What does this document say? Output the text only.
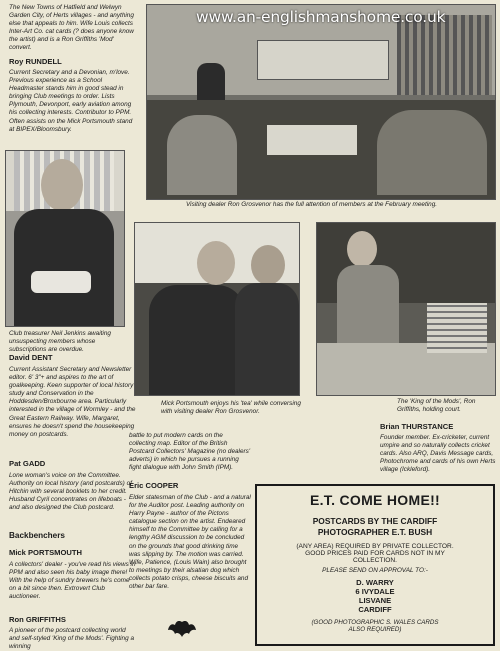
The New Towns of Hatfield and Welwyn Garden City, of Herts villages - and anything else that appeals to him. Wife Louis collects Inter-Art Co. cat cards (? does anyone know the artist) and is a Ron Griffiths 'Mod' convert.
Roy RUNDELL
Current Secretary and a Devonian, m'love. Previous experience as a School Headmaster stands him in good stead in bringing Club meetings to order. Lists Plymouth, Devonport, early aviation among his collecting interests. Contributor to PPM. Often assists on the Mick Portsmouth stand at BIPEX/Bloomsbury.
Club treasurer Neil Jenkins awaiting unsuspecting members whose subscriptions are overdue.
David DENT
Current Assistant Secretary and Newsletter editor. 6' 3"+ and aspires to the art of goalkeeping. Keen supporter of local history study and Conservation in the Hoddesden/Broxbourne area. Particularly interested in the village of Wormley - and the Great Eastern Railway. Wife, Margaret, ensures he doesn't spend the housekeeping money on postcards.
Pat GADD
Lone woman's voice on the Committee. Authority on local history (and postcards) of Hitchin with several booklets to her credit. Husband Cyril concentrates on lifeboats - and also designed the Club postcard.
Backbenchers
Mick PORTSMOUTH
A collectors' dealer - you've read his views in PPM and also seen his baby image there! With the help of sundry brewers he's come on a bit since then. Extrovert Club auctioneer.
Ron GRIFFITHS
A pioneer of the postcard collecting world and self-styled 'King of the Mods'. Fighting a winning
www.an-englishmanshome.co.uk
Visiting dealer Ron Grosvenor has the full attention of members at the February meeting.
Mick Portsmouth enjoys his 'tea' while conversing with visiting dealer Ron Grosvenor.
The 'King of the Mods', Ron Griffiths, holding court.
battle to put modern cards on the collecting map. Editor of the British Postcard Collectors' Magazine (no dealers' adverts) in which he pursues a running fight dialogue with John Smith (IPM).
Eric COOPER
Elder statesman of the Club - and a natural for the Auditor post. Leading authority on Harry Payne - author of the Pictons catalogue section on the artist. Endeared himself to the Committee by calling for a lengthy AGM discussion to be concluded on the grounds that good drinking time was slipping by. The motion was carried. Wife, Patience, (Louis Wain) also brought to meetings by their alsatian dog which collects potato crisps, cheese biscuits and other bar fare.
Brian THURSTANCE
Founder member. Ex-cricketer, current umpire and so naturally collects cricket cards. Also ARQ, Davis Message cards, Photochrome and cards of his own Herts village (Ickleford).
E.T. COME HOME!!
POSTCARDS BY THE CARDIFF
PHOTOGRAPHER E.T. BUSH
(ANY AREA) REQUIRED BY PRIVATE COLLECTOR.
GOOD PRICES PAID FOR CARDS NOT IN MY
COLLECTION.
PLEASE SEND ON APPROVAL TO:-
D. WARRY
6 IVYDALE
LISVANE
CARDIFF
(GOOD PHOTOGRAPHIC S. WALES CARDS
ALSO REQUIRED)
